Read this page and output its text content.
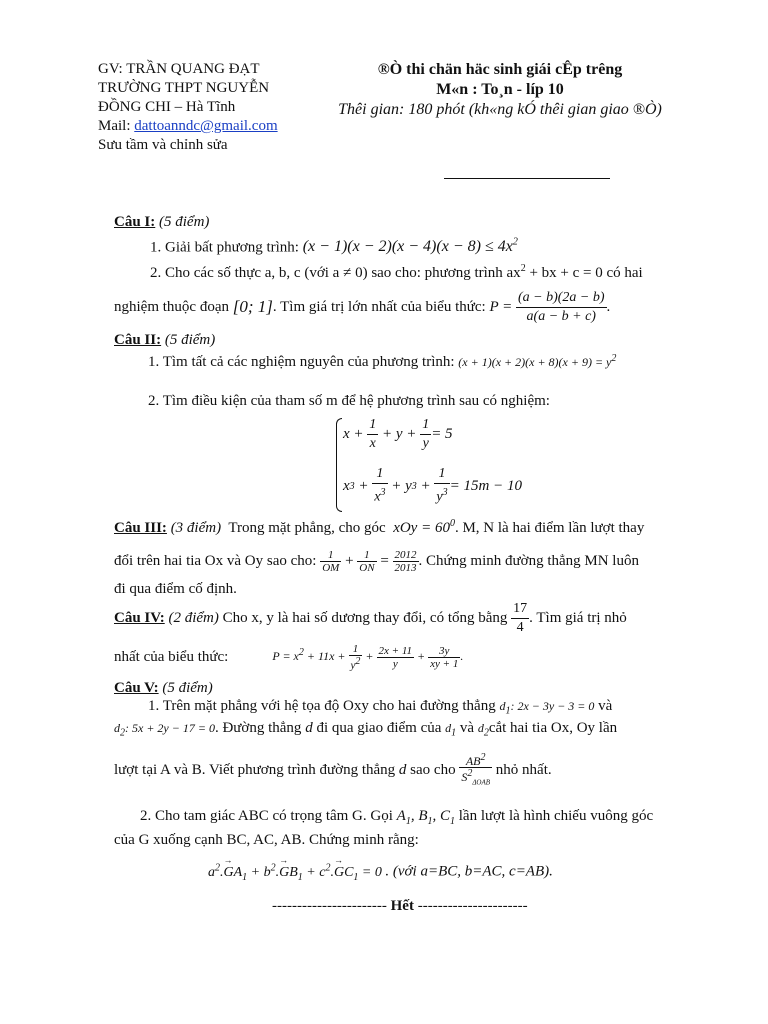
GV: TRẦN QUANG ĐẠT
TRƯỜNG THPT NGUYỄN
ĐỒNG CHI – Hà Tĩnh
Mail: dattoanndc@gmail.com
Sưu tầm và chỉnh sửa
®Ò thi chän häc sinh giái cÊp trêng
M«n : To¸n - líp 10
Thêi gian: 180 phót (kh«ng kÓ thêi gian giao ®Ò)
Câu I: (5 điểm)
1. Giải bất phương trình: $(x - 1)(x - 2)(x - 4)(x - 8) \le 4x^2$
2. Cho các số thực a, b, c (với a ≠ 0) sao cho: phương trình $ax^2$ + bx + c = 0 có hai
nghiệm thuộc đoạn
[0; 1] . Tìm giá trị lớn nhất của biểu thức:
P =
$\frac{(a - b)(2a - b)}{a(a - b + c)}$ .
Câu II: (5 điểm)
1. Tìm tất cả các nghiệm nguyên của phương trình: $(x + 1)(x + 2)(x + 8)(x + 9) = y^2$
2. Tìm điều kiện của tham số m để hệ phương trình sau có nghiệm:
x +
$\frac{1}{x}$
+ y +
$\frac{1}{y} = 5$
x $3 + \frac{1}{x^3}$
+ y $3 + \frac{1}{y^3} = 15m - 10$
Câu III: (3 điểm) Trong mặt phẳng, cho góc xOy = $60^0$. M, N là hai điểm lần lượt thay
đổi trên hai tia Ox và Oy sao cho:
$\frac{1}{OM} + \frac{1}{ON} = \frac{2012}{2013}$ . Chứng minh đường thẳng MN luôn
đi qua điểm cố định.
Câu IV:
(2 điểm)
Cho x, y là hai số dương thay đổi, có tổng bằng
$\frac{17}{4}$ . Tìm giá trị nhỏ
nhất của biểu thức:	$P = x^2 + 11x + \frac{1}{y^2} + \frac{2x + 11}{y} + \frac{3y}{xy + 1}$ .
Câu V: (5 điểm)
1. Trên mặt phẳng với hệ tọa độ Oxy cho hai đường thẳng $d_1$: 2x − 3y − 3 = 0 và
$d_2$: 5x + 2y − 17 = 0. Đường thẳng d đi qua giao điểm của $d_1$ và $d_2cắt$ hai tia Ox, Oy lần
lượt tại A và B. Viết phương trình đường thẳng
d
sao cho
$\frac{AB^2}{S^2_{\Delta OAB}}$
nhỏ nhất.
2. Cho tam giác ABC có trọng tâm G. Gọi $A_1$, $B_1$, $C_1$ lần lượt là hình chiếu vuông góc
của G xuống cạnh BC, AC, AB. Chứng minh rằng:
$a^2.\to GA_1 + b^2.\to GB_1 + c^2.\to GC_1 = 0$ . (với a=BC, b=AC, c=AB).
----------------------- Hết ----------------------
